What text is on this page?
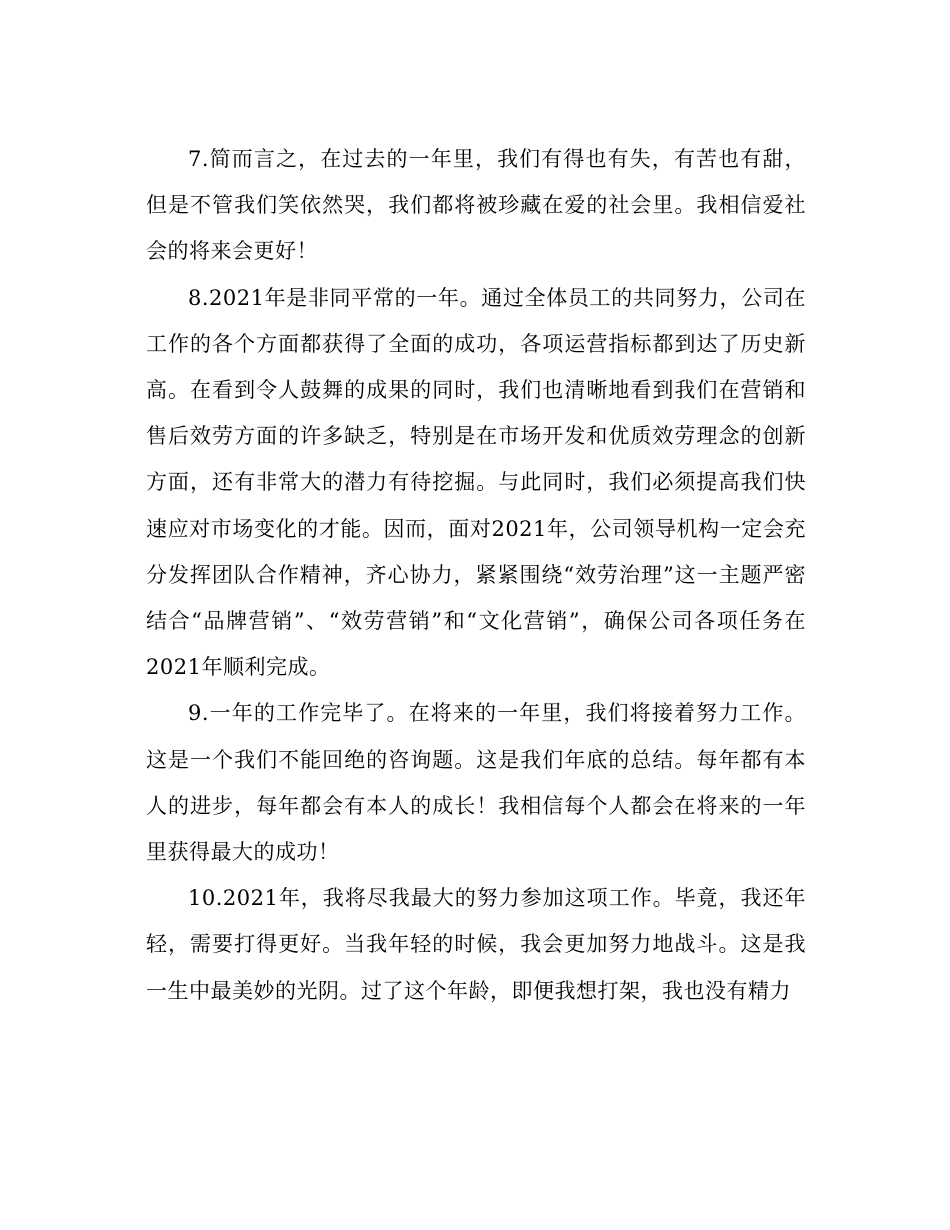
7.简而言之，在过去的一年里，我们有得也有失，有苦也有甜，但是不管我们笑依然哭，我们都将被珍藏在爱的社会里。我相信爱社会的将来会更好！

8.2021年是非同平常的一年。通过全体员工的共同努力，公司在工作的各个方面都获得了全面的成功，各项运营指标都到达了历史新高。在看到令人鼓舞的成果的同时，我们也清晰地看到我们在营销和售后效劳方面的许多缺乏，特别是在市场开发和优质效劳理念的创新方面，还有非常大的潜力有待挖掘。与此同时，我们必须提高我们快速应对市场变化的才能。因而，面对2021年，公司领导机构一定会充分发挥团队合作精神，齐心协力，紧紧围绕“效劳治理”这一主题严密结合“品牌营销”、“效劳营销”和“文化营销”，确保公司各项任务在2021年顺利完成。

9.一年的工作完毕了。在将来的一年里，我们将接着努力工作。这是一个我们不能回绝的咨询题。这是我们年底的总结。每年都有本人的进步，每年都会有本人的成长！我相信每个人都会在将来的一年里获得最大的成功！

10.2021年，我将尽我最大的努力参加这项工作。毕竟，我还年轻，需要打得更好。当我年轻的时候，我会更加努力地战斗。这是我一生中最美妙的光阴。过了这个年龄，即便我想打架，我也没有精力
